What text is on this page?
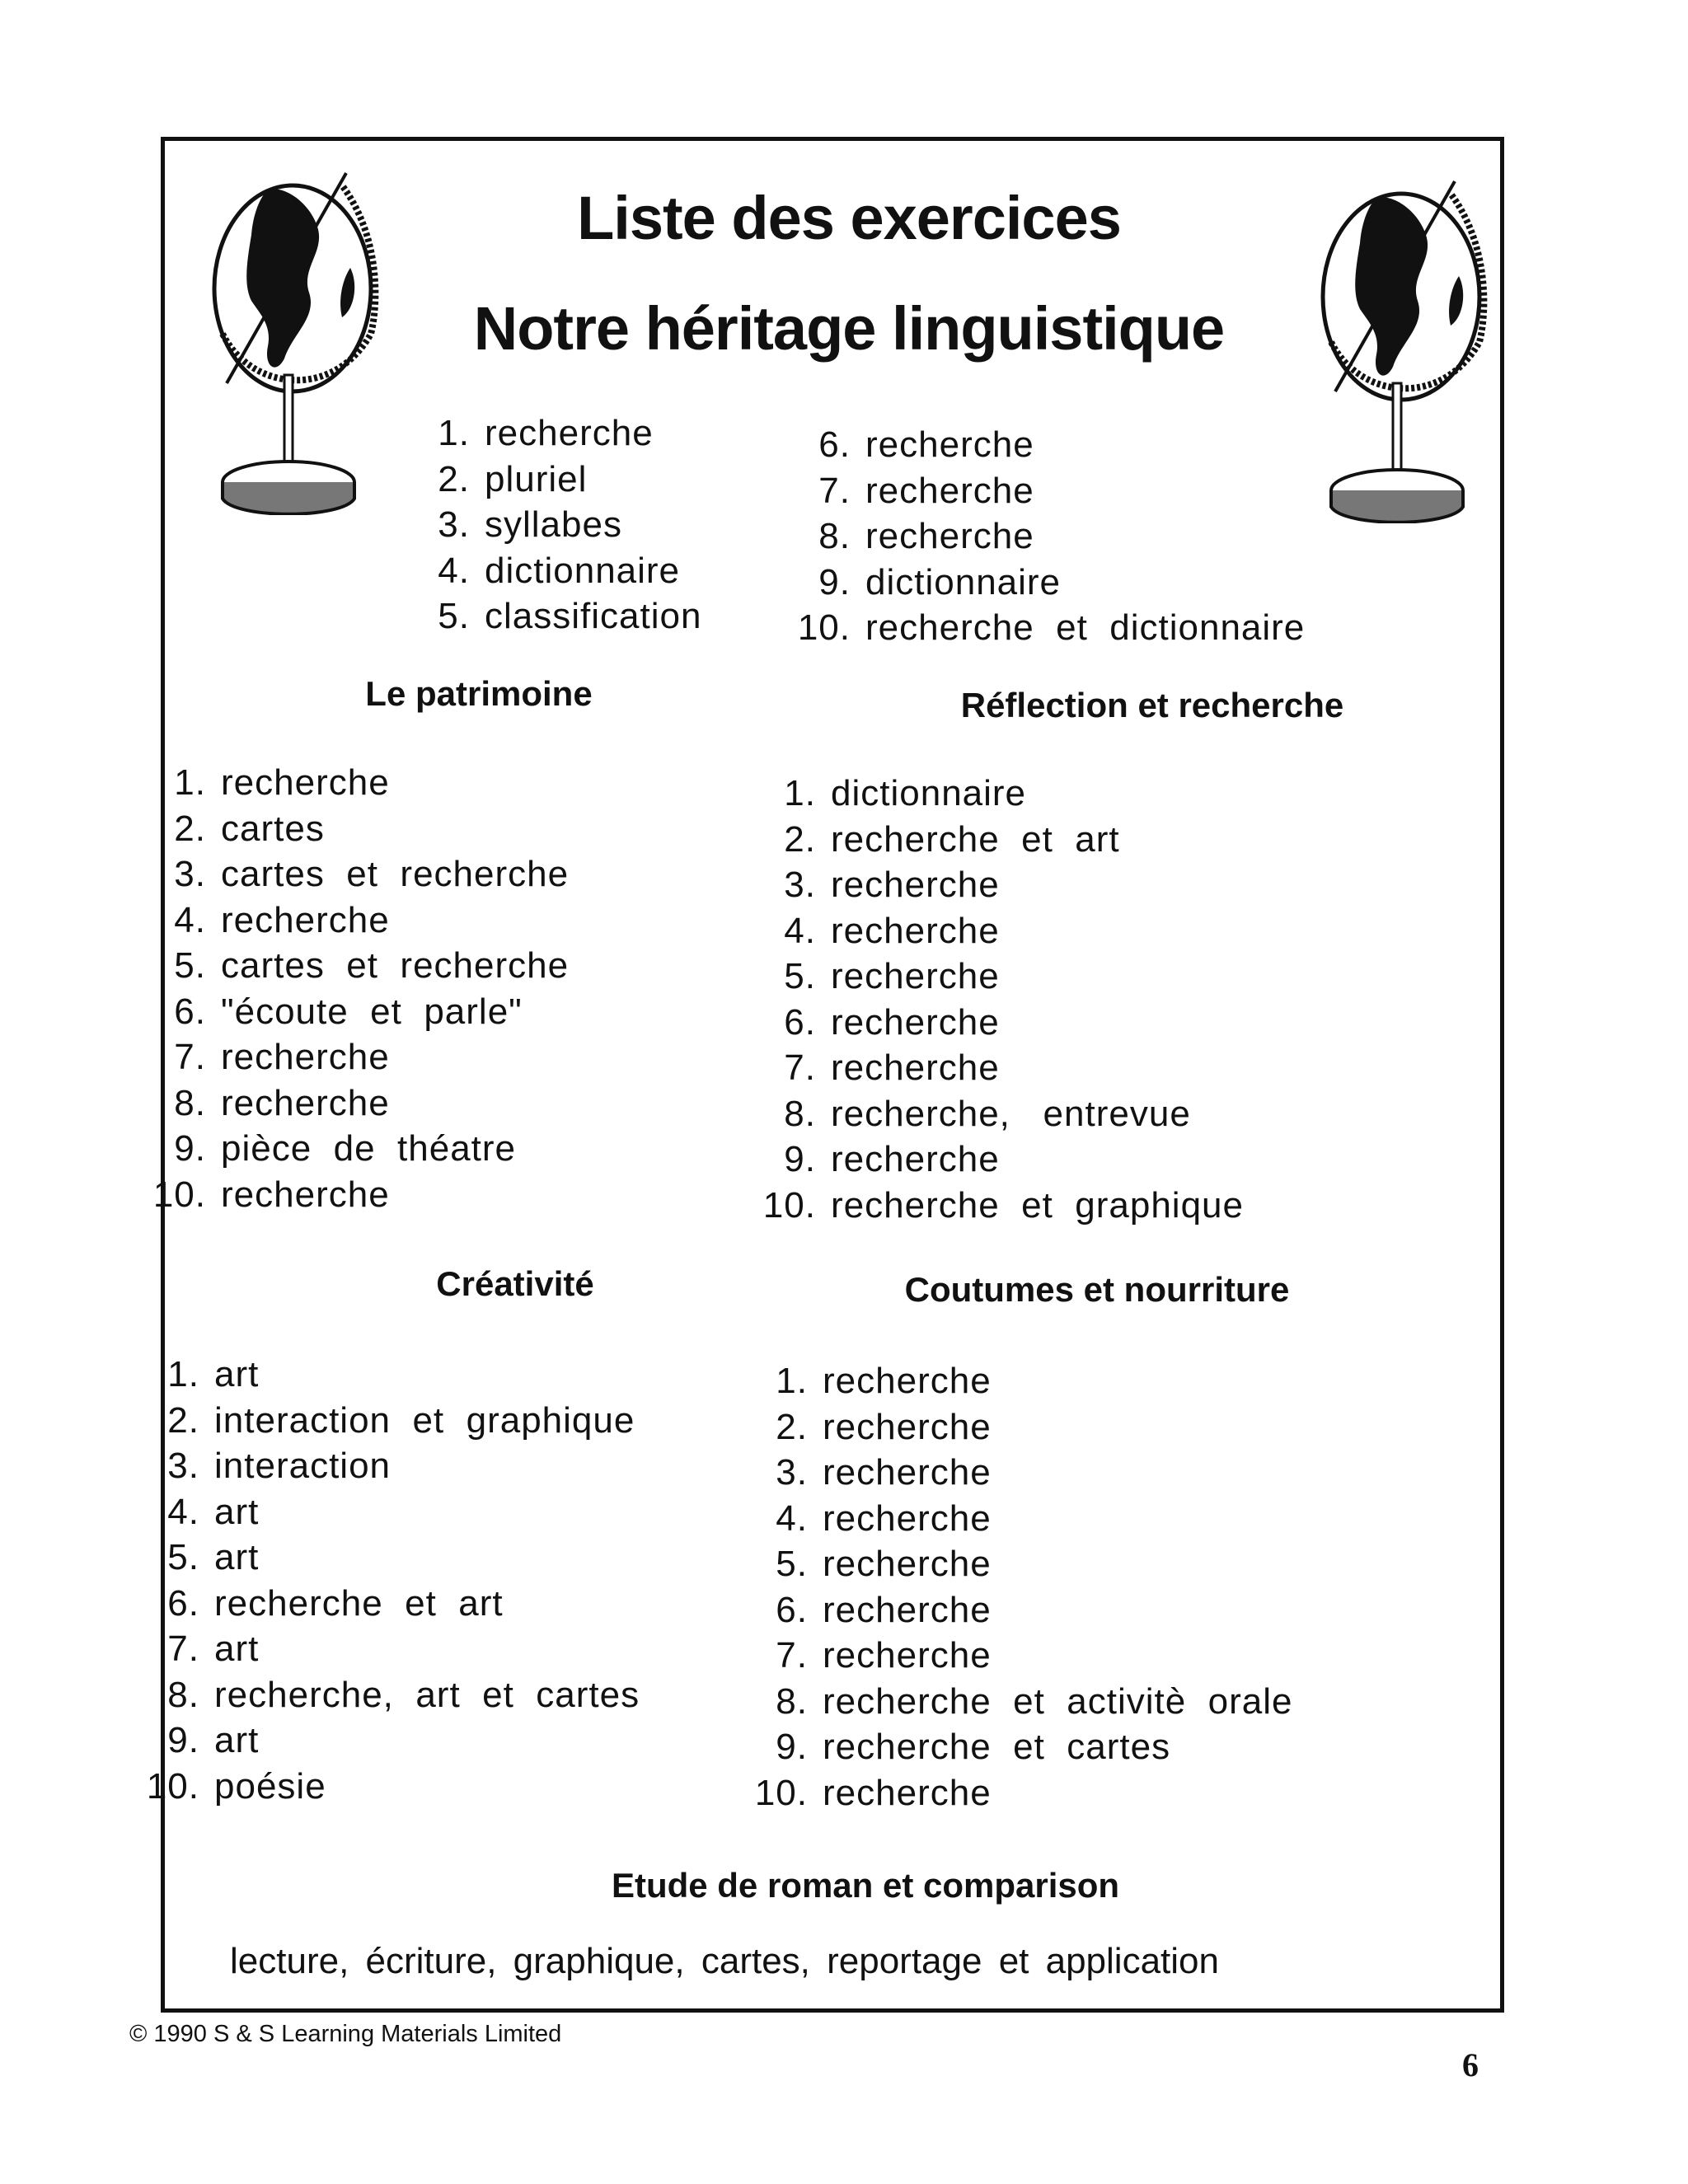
Liste des exercices
Notre héritage linguistique
1. recherche
2. pluriel
3. syllabes
4. dictionnaire
5. classification
6. recherche
7. recherche
8. recherche
9. dictionnaire
10. recherche  et  dictionnaire
Le patrimoine	Réflection et recherche
1. recherche
2. cartes
3. cartes  et  recherche
4. recherche
5. cartes  et  recherche
6. "écoute  et  parle"
7. recherche
8. recherche
9. pièce  de  théatre
10. recherche
1. dictionnaire
2. recherche  et  art
3. recherche
4. recherche
5. recherche
6. recherche
7. recherche
8. recherche,   entrevue
9. recherche
10. recherche  et  graphique
Créativité	Coutumes et nourriture
1. art
2. interaction  et  graphique
3. interaction
4. art
5. art
6. recherche  et  art
7. art
8. recherche,  art  et  cartes
9. art
10. poésie
1. recherche
2. recherche
3. recherche
4. recherche
5. recherche
6. recherche
7. recherche
8. recherche  et  activitè  orale
9. recherche  et  cartes
10. recherche
Etude de roman et comparison
lecture, écriture, graphique, cartes, reportage et application
© 1990 S & S Learning Materials Limited
6
